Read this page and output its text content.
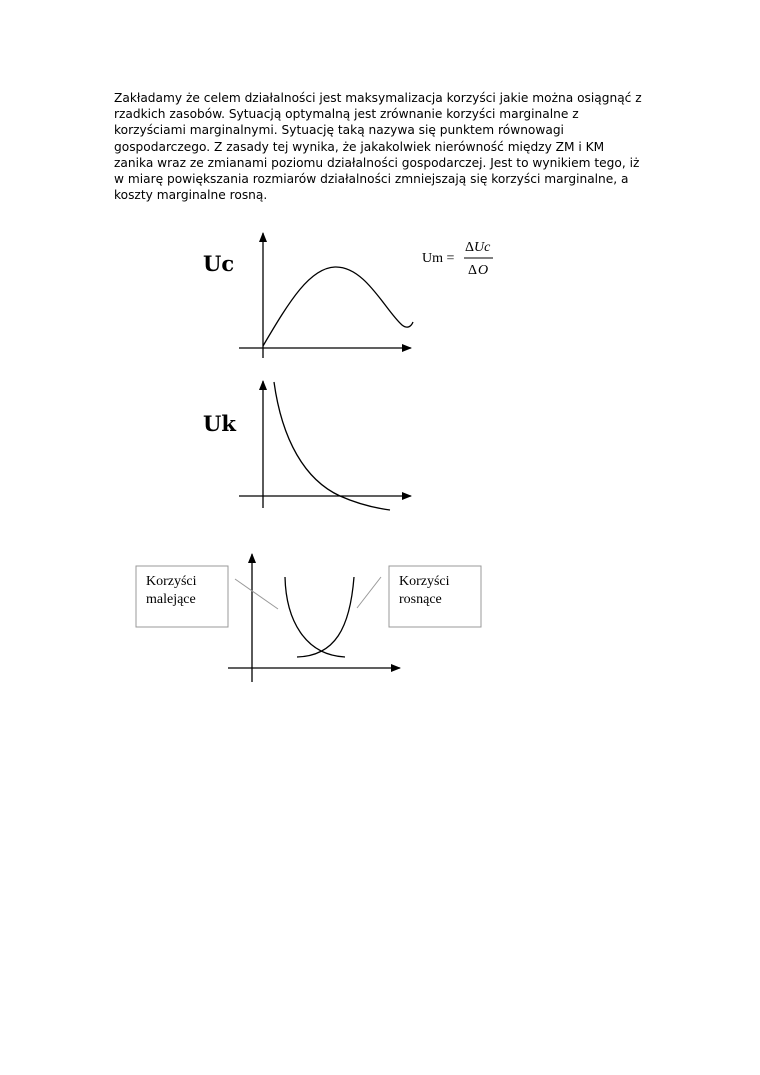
Zakładamy że celem działalności jest maksymalizacja korzyści jakie można osiągnąć z
rzadkich zasobów. Sytuacją optymalną jest zrównanie korzyści marginalne z
korzyściami marginalnymi. Sytuację taką nazywa się punktem równowagi
gospodarczego. Z zasady tej wynika, że jakakolwiek nierówność między ZM i KM
zanika wraz ze zmianami poziomu działalności gospodarczej. Jest to wynikiem tego, iż
w miarę powiększania rozmiarów działalności zmniejszają się korzyści marginalne, a
koszty marginalne rosną.
Uc	Um =
Δ Uc
Δ O
Uk
Korzyści
malejące
Korzyści
rosnące
